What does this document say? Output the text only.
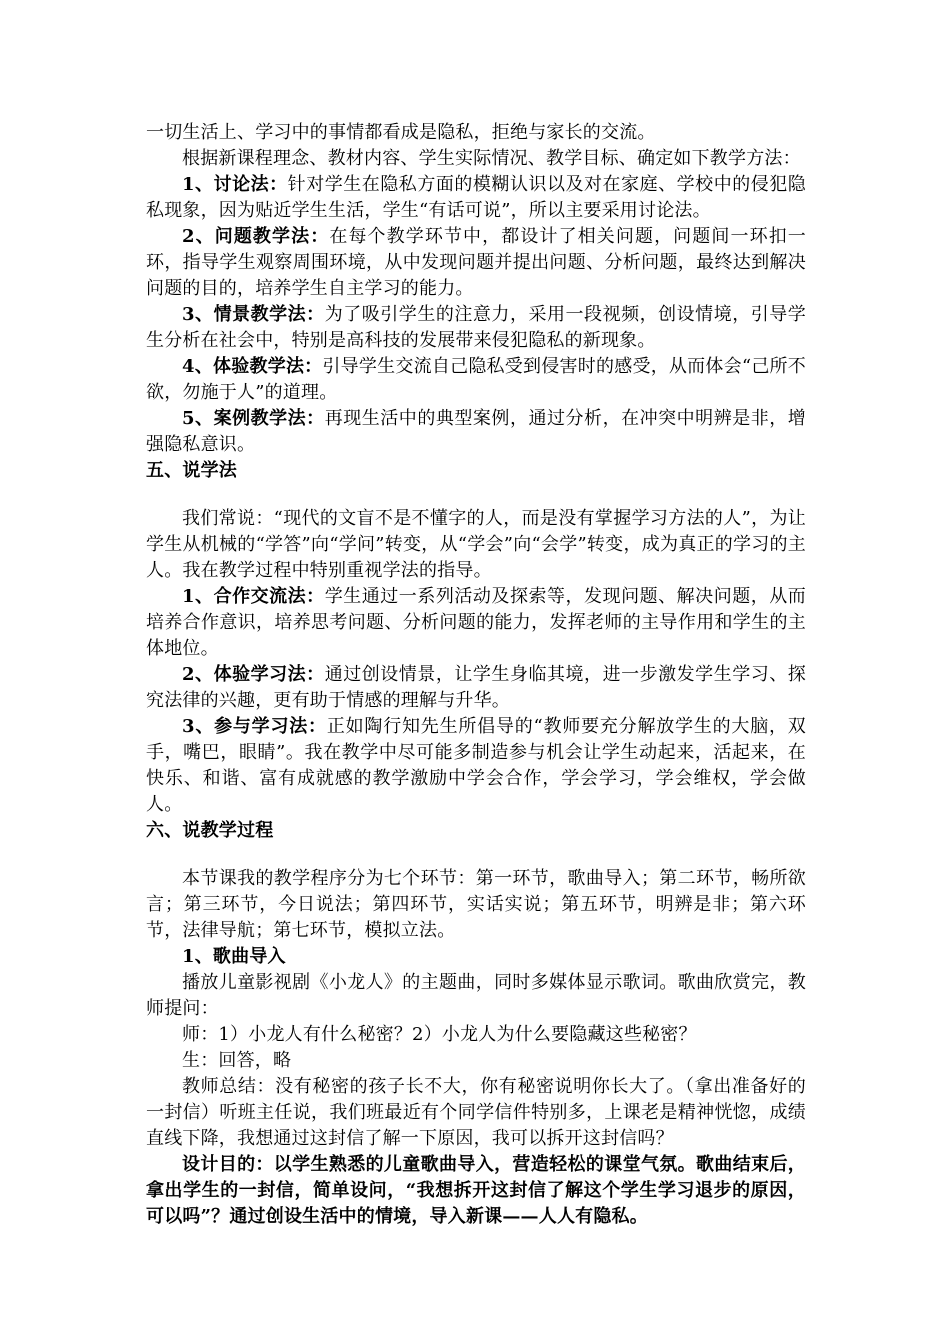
一切生活上、学习中的事情都看成是隐私，拒绝与家长的交流。

根据新课程理念、教材内容、学生实际情况、教学目标、确定如下教学方法：

1、讨论法：针对学生在隐私方面的模糊认识以及对在家庭、学校中的侵犯隐私现象，因为贴近学生生活，学生“有话可说”，所以主要采用讨论法。

2、问题教学法：在每个教学环节中，都设计了相关问题，问题间一环扣一环，指导学生观察周围环境，从中发现问题并提出问题、分析问题，最终达到解决问题的目的，培养学生自主学习的能力。

3、情景教学法：为了吸引学生的注意力，采用一段视频，创设情境，引导学生分析在社会中，特别是高科技的发展带来侵犯隐私的新现象。

4、体验教学法：引导学生交流自己隐私受到侵害时的感受，从而体会“己所不欲，勿施于人”的道理。

5、案例教学法：再现生活中的典型案例，通过分析，在冲突中明辨是非，增强隐私意识。

五、说学法

我们常说：“现代的文盲不是不懂字的人，而是没有掌握学习方法的人”，为让学生从机械的“学答”向“学问”转变，从“学会”向“会学”转变，成为真正的学习的主人。我在教学过程中特别重视学法的指导。

1、合作交流法：学生通过一系列活动及探索等，发现问题、解决问题，从而培养合作意识，培养思考问题、分析问题的能力，发挥老师的主导作用和学生的主体地位。

2、体验学习法：通过创设情景，让学生身临其境，进一步激发学生学习、探究法律的兴趣，更有助于情感的理解与升华。

3、参与学习法：正如陶行知先生所倡导的“教师要充分解放学生的大脑，双手，嘴巴，眼睛”。我在教学中尽可能多制造参与机会让学生动起来，活起来，在快乐、和谐、富有成就感的教学激励中学会合作，学会学习，学会维权，学会做人。

六、说教学过程

本节课我的教学程序分为七个环节：第一环节，歌曲导入；第二环节，畅所欲言；第三环节，今日说法；第四环节，实话实说；第五环节，明辨是非；第六环节，法律导航；第七环节，模拟立法。

1、歌曲导入

播放儿童影视剧《小龙人》的主题曲，同时多媒体显示歌词。歌曲欣赏完，教师提问：

师：1）小龙人有什么秘密？2）小龙人为什么要隐藏这些秘密？

生：回答，略

教师总结：没有秘密的孩子长不大，你有秘密说明你长大了。（拿出准备好的一封信）听班主任说，我们班最近有个同学信件特别多，上课老是精神恍惚，成绩直线下降，我想通过这封信了解一下原因，我可以拆开这封信吗？

设计目的：以学生熟悉的儿童歌曲导入，营造轻松的课堂气氛。歌曲结束后，拿出学生的一封信，简单设问，“我想拆开这封信了解这个学生学习退步的原因，可以吗”？通过创设生活中的情境，导入新课——人人有隐私。
